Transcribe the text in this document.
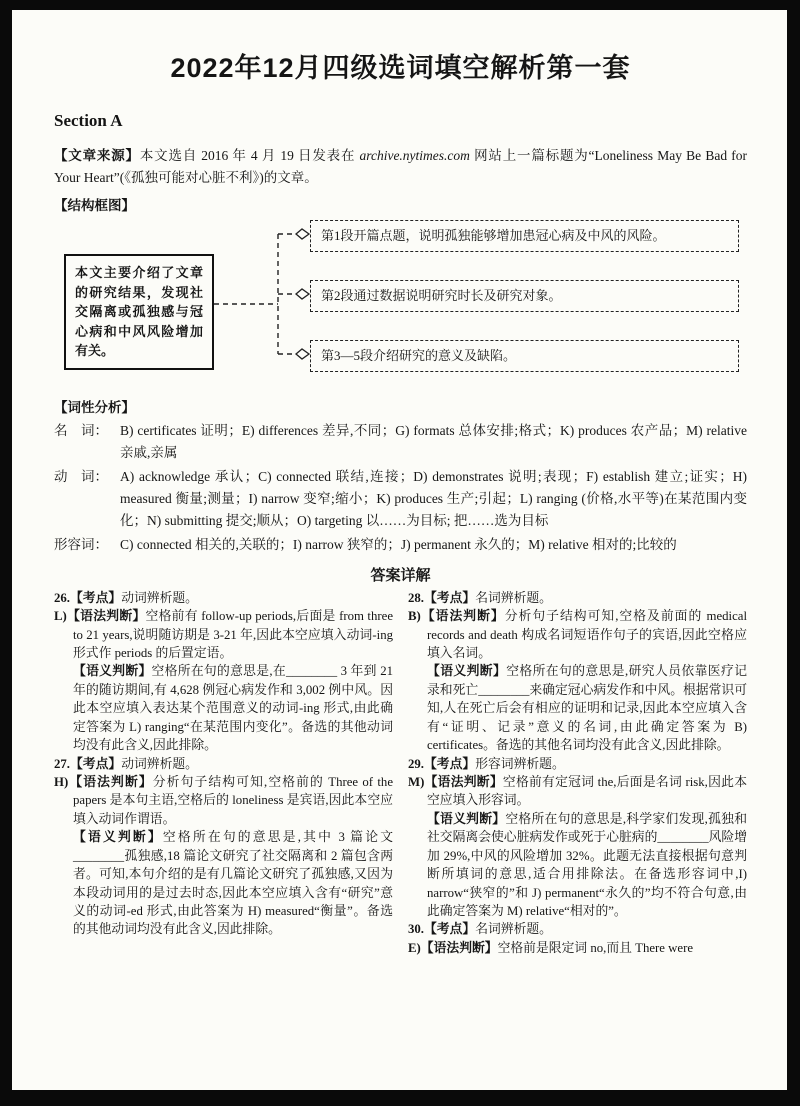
2022年12月四级选词填空解析第一套
Section A

【文章来源】本文选自 2016 年 4 月 19 日发表在 archive.nytimes.com 网站上一篇标题为“Loneliness May Be Bad for Your Heart”(《孤独可能对心脏不利》)的文章。

【结构框图】
本文主要介绍了文章的研究结果，发现社交隔离或孤独感与冠心病和中风风险增加有关。
第1段开篇点题，说明孤独能够增加患冠心病及中风的风险。
第2段通过数据说明研究时长及研究对象。
第3—5段介绍研究的意义及缺陷。
【词性分析】
名　词： B) certificates 证明；E) differences 差异,不同；G) formats 总体安排;格式；K) produces 农产品；M) relative 亲戚,亲属
动　词： A) acknowledge 承认；C) connected 联结,连接；D) demonstrates 说明;表现；F) establish 建立;证实；H) measured 衡量;测量；I) narrow 变窄;缩小；K) produces 生产;引起；L) ranging (价格,水平等)在某范围内变化；N) submitting 提交;顺从；O) targeting 以……为目标; 把……选为目标
形容词： C) connected 相关的,关联的；I) narrow 狭窄的；J) permanent 永久的；M) relative 相对的;比较的
答案详解
26.【考点】动词辨析题。
L)【语法判断】空格前有 follow-up periods,后面是 from three to 21 years,说明随访期是 3-21 年,因此本空应填入动词-ing 形式作 periods 的后置定语。
【语义判断】空格所在句的意思是,在________ 3 年到 21 年的随访期间,有 4,628 例冠心病发作和 3,002 例中风。因此本空应填入表达某个范围意义的动词-ing 形式,由此确定答案为 L) ranging“在某范围内变化”。备选的其他动词均没有此含义,因此排除。
27.【考点】动词辨析题。
H)【语法判断】分析句子结构可知,空格前的 Three of the papers 是本句主语,空格后的 loneliness 是宾语,因此本空应填入动词作谓语。
【语义判断】空格所在句的意思是,其中 3 篇论文________孤独感,18 篇论文研究了社交隔离和 2 篇包含两者。可知,本句介绍的是有几篇论文研究了孤独感,又因为本段动词用的是过去时态,因此本空应填入含有“研究”意义的动词-ed 形式,由此答案为 H) measured“衡量”。备选的其他动词均没有此含义,因此排除。
28.【考点】名词辨析题。
B)【语法判断】分析句子结构可知,空格及前面的 medical records and death 构成名词短语作句子的宾语,因此空格应填入名词。
【语义判断】空格所在句的意思是,研究人员依靠医疗记录和死亡________来确定冠心病发作和中风。根据常识可知,人在死亡后会有相应的证明和记录,因此本空应填入含有“证明、记录”意义的名词,由此确定答案为 B) certificates。备选的其他名词均没有此含义,因此排除。
29.【考点】形容词辨析题。
M)【语法判断】空格前有定冠词 the,后面是名词 risk,因此本空应填入形容词。
【语义判断】空格所在句的意思是,科学家们发现,孤独和社交隔离会使心脏病发作或死于心脏病的________风险增加 29%,中风的风险增加 32%。此题无法直接根据句意判断所填词的意思,适合用排除法。在备选形容词中,I) narrow“狭窄的”和 J) permanent“永久的”均不符合句意,由此确定答案为 M) relative“相对的”。
30.【考点】名词辨析题。
E)【语法判断】空格前是限定词 no,而且 There were
